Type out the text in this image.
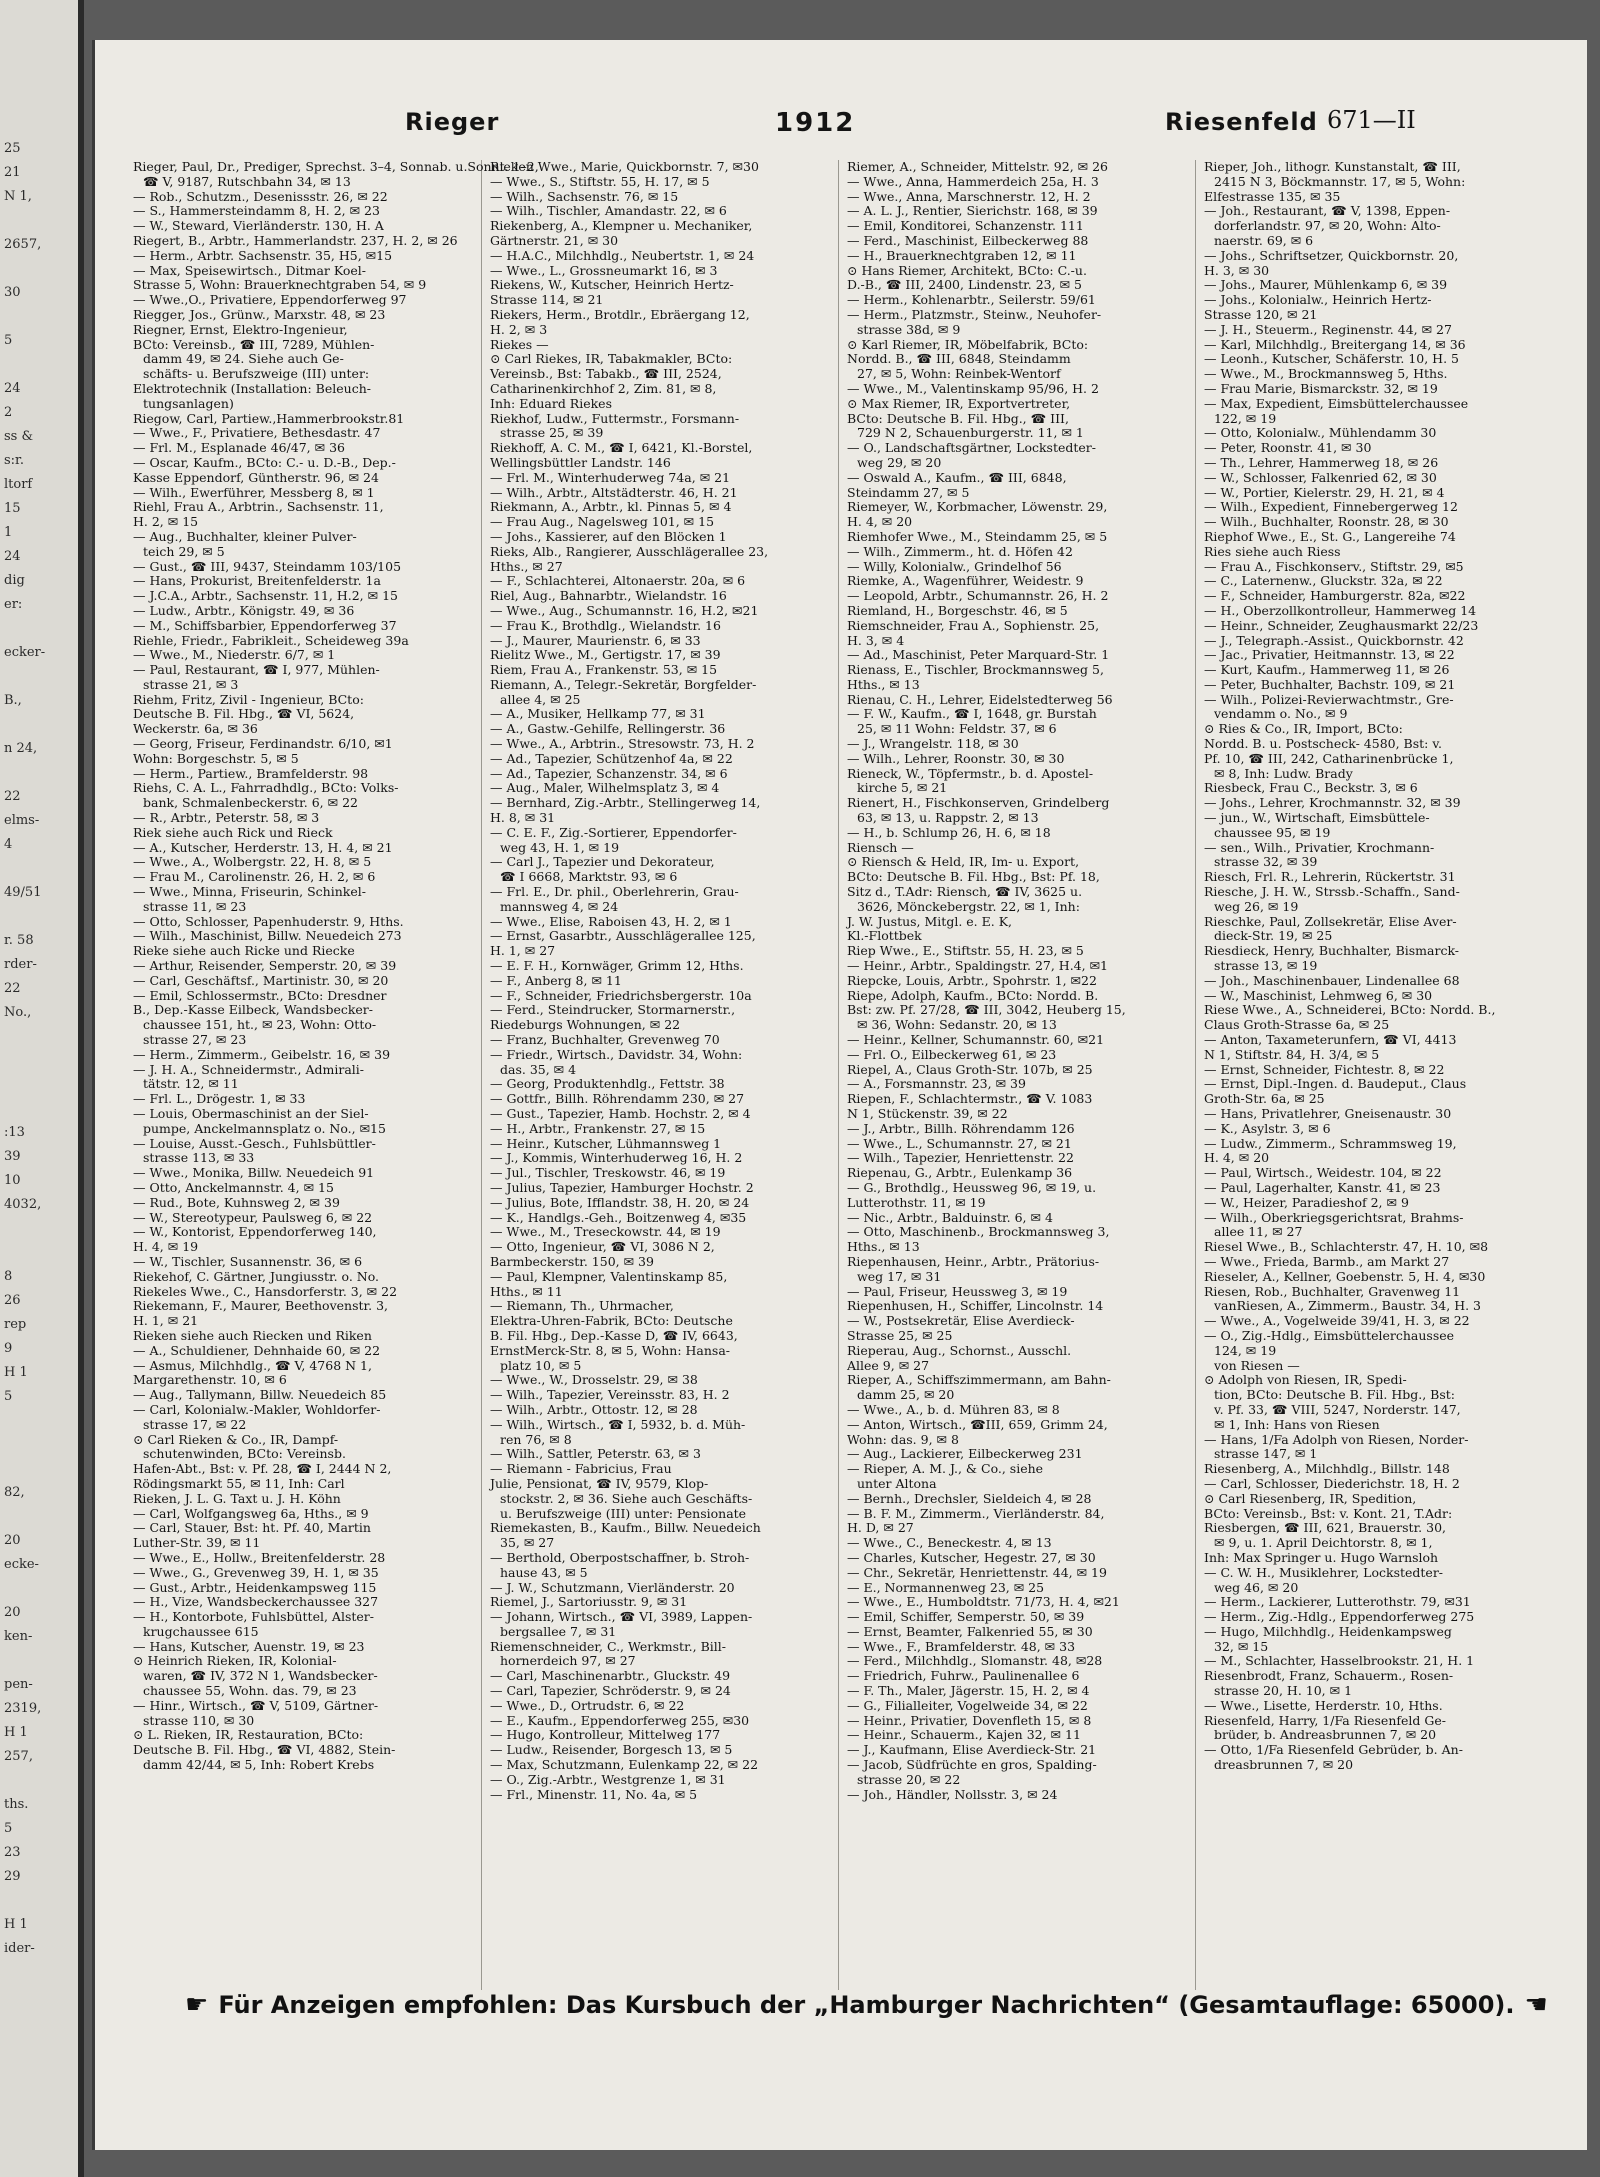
25
21
N 1,
2657,
30
5
24
2
ss &
s:r.
ltorf
15
1
24
dig
er:
ecker-
B.,
n 24,
22
elms-
4
49/51
r. 58
rder-
22
No.,
:13
39
10
4032,
8
26
rep
9
H 1
5
82,
20
ecke-
20
ken-
pen-
2319,
H 1
257,
ths.
5
23
29
H 1
ider-
Rieger	1912	Riesenfeld 671—II
Rieger, Paul, Dr., Prediger, Sprechst. 3–4, Sonnab. u.Sonnt. 1–2,
☎ V, 9187, Rutschbahn 34, ✉ 13
— Rob., Schutzm., Desenissstr. 26, ✉ 22
— S., Hammersteindamm 8, H. 2, ✉ 23
— W., Steward, Vierländerstr. 130, H. A
Riegert, B., Arbtr., Hammerlandstr. 237, H. 2, ✉ 26
— Herm., Arbtr. Sachsenstr. 35, H5, ✉15
— Max, Speisewirtsch., Ditmar Koel-
Strasse 5, Wohn: Brauerknechtgraben 54, ✉ 9
— Wwe.,O., Privatiere, Eppendorferweg 97
Riegger, Jos., Grünw., Marxstr. 48, ✉ 23
Riegner, Ernst, Elektro-Ingenieur,
BCto: Vereinsb., ☎ III, 7289, Mühlen-
damm 49, ✉ 24. Siehe auch Ge-
schäfts- u. Berufszweige (III) unter:
Elektrotechnik (Installation: Beleuch-
tungsanlagen)
Riegow, Carl, Partiew.,Hammerbrookstr.81
— Wwe., F., Privatiere, Bethesdastr. 47
— Frl. M., Esplanade 46/47, ✉ 36
— Oscar, Kaufm., BCto: C.- u. D.-B., Dep.-
Kasse Eppendorf, Güntherstr. 96, ✉ 24
— Wilh., Ewerführer, Messberg 8, ✉ 1
Riehl, Frau A., Arbtrin., Sachsenstr. 11,
H. 2, ✉ 15
— Aug., Buchhalter, kleiner Pulver-
teich 29, ✉ 5
— Gust., ☎ III, 9437, Steindamm 103/105
— Hans, Prokurist, Breitenfelderstr. 1a
— J.C.A., Arbtr., Sachsenstr. 11, H.2, ✉ 15
— Ludw., Arbtr., Königstr. 49, ✉ 36
— M., Schiffsbarbier, Eppendorferweg 37
Riehle, Friedr., Fabrikleit., Scheideweg 39a
— Wwe., M., Niederstr. 6/7, ✉ 1
— Paul, Restaurant, ☎ I, 977, Mühlen-
strasse 21, ✉ 3
Riehm, Fritz, Zivil - Ingenieur, BCto:
Deutsche B. Fil. Hbg., ☎ VI, 5624,
Weckerstr. 6a, ✉ 36
— Georg, Friseur, Ferdinandstr. 6/10, ✉1
Wohn: Borgeschstr. 5, ✉ 5
— Herm., Partiew., Bramfelderstr. 98
Riehs, C. A. L., Fahrradhdlg., BCto: Volks-
bank, Schmalenbeckerstr. 6, ✉ 22
— R., Arbtr., Peterstr. 58, ✉ 3
Riek siehe auch Rick und Rieck
— A., Kutscher, Herderstr. 13, H. 4, ✉ 21
— Wwe., A., Wolbergstr. 22, H. 8, ✉ 5
— Frau M., Carolinenstr. 26, H. 2, ✉ 6
— Wwe., Minna, Friseurin, Schinkel-
strasse 11, ✉ 23
— Otto, Schlosser, Papenhuderstr. 9, Hths.
— Wilh., Maschinist, Billw. Neuedeich 273
Rieke siehe auch Ricke und Riecke
— Arthur, Reisender, Semperstr. 20, ✉ 39
— Carl, Geschäftsf., Martinistr. 30, ✉ 20
— Emil, Schlossermstr., BCto: Dresdner
B., Dep.-Kasse Eilbeck, Wandsbecker-
chaussee 151, ht., ✉ 23, Wohn: Otto-
strasse 27, ✉ 23
— Herm., Zimmerm., Geibelstr. 16, ✉ 39
— J. H. A., Schneidermstr., Admirali-
tätstr. 12, ✉ 11
— Frl. L., Drögestr. 1, ✉ 33
— Louis, Obermaschinist an der Siel-
pumpe, Anckelmannsplatz o. No., ✉15
— Louise, Ausst.-Gesch., Fuhlsbüttler-
strasse 113, ✉ 33
— Wwe., Monika, Billw. Neuedeich 91
— Otto, Anckelmannstr. 4, ✉ 15
— Rud., Bote, Kuhnsweg 2, ✉ 39
— W., Stereotypeur, Paulsweg 6, ✉ 22
— W., Kontorist, Eppendorferweg 140,
H. 4, ✉ 19
— W., Tischler, Susannenstr. 36, ✉ 6
Riekehof, C. Gärtner, Jungiusstr. o. No.
Riekeles Wwe., C., Hansdorferstr. 3, ✉ 22
Riekemann, F., Maurer, Beethovenstr. 3,
H. 1, ✉ 21
Rieken siehe auch Riecken und Riken
— A., Schuldiener, Dehnhaide 60, ✉ 22
— Asmus, Milchhdlg., ☎ V, 4768 N 1,
Margarethenstr. 10, ✉ 6
— Aug., Tallymann, Billw. Neuedeich 85
— Carl, Kolonialw.-Makler, Wohldorfer-
strasse 17, ✉ 22
⊙ Carl Rieken & Co., IR, Dampf-
schutenwinden, BCto: Vereinsb.
Hafen-Abt., Bst: v. Pf. 28, ☎ I, 2444 N 2,
Rödingsmarkt 55, ✉ 11, Inh: Carl
Rieken, J. L. G. Taxt u. J. H. Köhn
— Carl, Wolfgangsweg 6a, Hths., ✉ 9
— Carl, Stauer, Bst: ht. Pf. 40, Martin
Luther-Str. 39, ✉ 11
— Wwe., E., Hollw., Breitenfelderstr. 28
— Wwe., G., Grevenweg 39, H. 1, ✉ 35
— Gust., Arbtr., Heidenkampsweg 115
— H., Vize, Wandsbeckerchaussee 327
— H., Kontorbote, Fuhlsbüttel, Alster-
krugchaussee 615
— Hans, Kutscher, Auenstr. 19, ✉ 23
⊙ Heinrich Rieken, IR, Kolonial-
waren, ☎ IV, 372 N 1, Wandsbecker-
chaussee 55, Wohn. das. 79, ✉ 23
— Hinr., Wirtsch., ☎ V, 5109, Gärtner-
strasse 110, ✉ 30
⊙ L. Rieken, IR, Restauration, BCto:
Deutsche B. Fil. Hbg., ☎ VI, 4882, Stein-
damm 42/44, ✉ 5, Inh: Robert Krebs
Rieken Wwe., Marie, Quickbornstr. 7, ✉30
— Wwe., S., Stiftstr. 55, H. 17, ✉ 5
— Wilh., Sachsenstr. 76, ✉ 15
— Wilh., Tischler, Amandastr. 22, ✉ 6
Riekenberg, A., Klempner u. Mechaniker,
Gärtnerstr. 21, ✉ 30
— H.A.C., Milchhdlg., Neubertstr. 1, ✉ 24
— Wwe., L., Grossneumarkt 16, ✉ 3
Riekens, W., Kutscher, Heinrich Hertz-
Strasse 114, ✉ 21
Riekers, Herm., Brotdlr., Ebräergang 12,
H. 2, ✉ 3
Riekes —
⊙ Carl Riekes, IR, Tabakmakler, BCto:
Vereinsb., Bst: Tabakb., ☎ III, 2524,
Catharinenkirchhof 2, Zim. 81, ✉ 8,
Inh: Eduard Riekes
Riekhof, Ludw., Futtermstr., Forsmann-
strasse 25, ✉ 39
Riekhoff, A. C. M., ☎ I, 6421, Kl.-Borstel,
Wellingsbüttler Landstr. 146
— Frl. M., Winterhuderweg 74a, ✉ 21
— Wilh., Arbtr., Altstädterstr. 46, H. 21
Riekmann, A., Arbtr., kl. Pinnas 5, ✉ 4
— Frau Aug., Nagelsweg 101, ✉ 15
— Johs., Kassierer, auf den Blöcken 1
Rieks, Alb., Rangierer, Ausschlägerallee 23,
Hths., ✉ 27
— F., Schlachterei, Altonaerstr. 20a, ✉ 6
Riel, Aug., Bahnarbtr., Wielandstr. 16
— Wwe., Aug., Schumannstr. 16, H.2, ✉21
— Frau K., Brothdlg., Wielandstr. 16
— J., Maurer, Maurienstr. 6, ✉ 33
Rielitz Wwe., M., Gertigstr. 17, ✉ 39
Riem, Frau A., Frankenstr. 53, ✉ 15
Riemann, A., Telegr.-Sekretär, Borgfelder-
allee 4, ✉ 25
— A., Musiker, Hellkamp 77, ✉ 31
— A., Gastw.-Gehilfe, Rellingerstr. 36
— Wwe., A., Arbtrin., Stresowstr. 73, H. 2
— Ad., Tapezier, Schützenhof 4a, ✉ 22
— Ad., Tapezier, Schanzenstr. 34, ✉ 6
— Aug., Maler, Wilhelmsplatz 3, ✉ 4
— Bernhard, Zig.-Arbtr., Stellingerweg 14,
H. 8, ✉ 31
— C. E. F., Zig.-Sortierer, Eppendorfer-
weg 43, H. 1, ✉ 19
— Carl J., Tapezier und Dekorateur,
☎ I 6668, Marktstr. 93, ✉ 6
— Frl. E., Dr. phil., Oberlehrerin, Grau-
mannsweg 4, ✉ 24
— Wwe., Elise, Raboisen 43, H. 2, ✉ 1
— Ernst, Gasarbtr., Ausschlägerallee 125,
H. 1, ✉ 27
— E. F. H., Kornwäger, Grimm 12, Hths.
— F., Anberg 8, ✉ 11
— F., Schneider, Friedrichsbergerstr. 10a
— Ferd., Steindrucker, Stormarnerstr.,
Riedeburgs Wohnungen, ✉ 22
— Franz, Buchhalter, Grevenweg 70
— Friedr., Wirtsch., Davidstr. 34, Wohn:
das. 35, ✉ 4
— Georg, Produktenhdlg., Fettstr. 38
— Gottfr., Billh. Röhrendamm 230, ✉ 27
— Gust., Tapezier, Hamb. Hochstr. 2, ✉ 4
— H., Arbtr., Frankenstr. 27, ✉ 15
— Heinr., Kutscher, Lühmannsweg 1
— J., Kommis, Winterhuderweg 16, H. 2
— Jul., Tischler, Treskowstr. 46, ✉ 19
— Julius, Tapezier, Hamburger Hochstr. 2
— Julius, Bote, Ifflandstr. 38, H. 20, ✉ 24
— K., Handlgs.-Geh., Boitzenweg 4, ✉35
— Wwe., M., Treseckowstr. 44, ✉ 19
— Otto, Ingenieur, ☎ VI, 3086 N 2,
Barmbeckerstr. 150, ✉ 39
— Paul, Klempner, Valentinskamp 85,
Hths., ✉ 11
— Riemann, Th., Uhrmacher,
Elektra-Uhren-Fabrik, BCto: Deutsche
B. Fil. Hbg., Dep.-Kasse D, ☎ IV, 6643,
ErnstMerck-Str. 8, ✉ 5, Wohn: Hansa-
platz 10, ✉ 5
— Wwe., W., Drosselstr. 29, ✉ 38
— Wilh., Tapezier, Vereinsstr. 83, H. 2
— Wilh., Arbtr., Ottostr. 12, ✉ 28
— Wilh., Wirtsch., ☎ I, 5932, b. d. Müh-
ren 76, ✉ 8
— Wilh., Sattler, Peterstr. 63, ✉ 3
— Riemann - Fabricius, Frau
Julie, Pensionat, ☎ IV, 9579, Klop-
stockstr. 2, ✉ 36. Siehe auch Geschäfts-
u. Berufszweige (III) unter: Pensionate
Riemekasten, B., Kaufm., Billw. Neuedeich
35, ✉ 27
— Berthold, Oberpostschaffner, b. Stroh-
hause 43, ✉ 5
— J. W., Schutzmann, Vierländerstr. 20
Riemel, J., Sartoriusstr. 9, ✉ 31
— Johann, Wirtsch., ☎ VI, 3989, Lappen-
bergsallee 7, ✉ 31
Riemenschneider, C., Werkmstr., Bill-
hornerdeich 97, ✉ 27
— Carl, Maschinenarbtr., Gluckstr. 49
— Carl, Tapezier, Schröderstr. 9, ✉ 24
— Wwe., D., Ortrudstr. 6, ✉ 22
— E., Kaufm., Eppendorferweg 255, ✉30
— Hugo, Kontrolleur, Mittelweg 177
— Ludw., Reisender, Borgesch 13, ✉ 5
— Max, Schutzmann, Eulenkamp 22, ✉ 22
— O., Zig.-Arbtr., Westgrenze 1, ✉ 31
— Frl., Minenstr. 11, No. 4a, ✉ 5
Riemer, A., Schneider, Mittelstr. 92, ✉ 26
— Wwe., Anna, Hammerdeich 25a, H. 3
— Wwe., Anna, Marschnerstr. 12, H. 2
— A. L. J., Rentier, Sierichstr. 168, ✉ 39
— Emil, Konditorei, Schanzenstr. 111
— Ferd., Maschinist, Eilbeckerweg 88
— H., Brauerknechtgraben 12, ✉ 11
⊙ Hans Riemer, Architekt, BCto: C.-u.
D.-B., ☎ III, 2400, Lindenstr. 23, ✉ 5
— Herm., Kohlenarbtr., Seilerstr. 59/61
— Herm., Platzmstr., Steinw., Neuhofer-
strasse 38d, ✉ 9
⊙ Karl Riemer, IR, Möbelfabrik, BCto:
Nordd. B., ☎ III, 6848, Steindamm
27, ✉ 5, Wohn: Reinbek-Wentorf
— Wwe., M., Valentinskamp 95/96, H. 2
⊙ Max Riemer, IR, Exportvertreter,
BCto: Deutsche B. Fil. Hbg., ☎ III,
729 N 2, Schauenburgerstr. 11, ✉ 1
— O., Landschaftsgärtner, Lockstedter-
weg 29, ✉ 20
— Oswald A., Kaufm., ☎ III, 6848,
Steindamm 27, ✉ 5
Riemeyer, W., Korbmacher, Löwenstr. 29,
H. 4, ✉ 20
Riemhofer Wwe., M., Steindamm 25, ✉ 5
— Wilh., Zimmerm., ht. d. Höfen 42
— Willy, Kolonialw., Grindelhof 56
Riemke, A., Wagenführer, Weidestr. 9
— Leopold, Arbtr., Schumannstr. 26, H. 2
Riemland, H., Borgeschstr. 46, ✉ 5
Riemschneider, Frau A., Sophienstr. 25,
H. 3, ✉ 4
— Ad., Maschinist, Peter Marquard-Str. 1
Rienass, E., Tischler, Brockmannsweg 5,
Hths., ✉ 13
Rienau, C. H., Lehrer, Eidelstedterweg 56
— F. W., Kaufm., ☎ I, 1648, gr. Burstah
25, ✉ 11 Wohn: Feldstr. 37, ✉ 6
— J., Wrangelstr. 118, ✉ 30
— Wilh., Lehrer, Roonstr. 30, ✉ 30
Rieneck, W., Töpfermstr., b. d. Apostel-
kirche 5, ✉ 21
Rienert, H., Fischkonserven, Grindelberg
63, ✉ 13, u. Rappstr. 2, ✉ 13
— H., b. Schlump 26, H. 6, ✉ 18
Riensch —
⊙ Riensch & Held, IR, Im- u. Export,
BCto: Deutsche B. Fil. Hbg., Bst: Pf. 18,
Sitz d., T.Adr: Riensch, ☎ IV, 3625 u.
3626, Mönckebergstr. 22, ✉ 1, Inh:
J. W. Justus, Mitgl. e. E. K,
Kl.-Flottbek
Riep Wwe., E., Stiftstr. 55, H. 23, ✉ 5
— Heinr., Arbtr., Spaldingstr. 27, H.4, ✉1
Riepcke, Louis, Arbtr., Spohrstr. 1, ✉22
Riepe, Adolph, Kaufm., BCto: Nordd. B.
Bst: zw. Pf. 27/28, ☎ III, 3042, Heuberg 15,
✉ 36, Wohn: Sedanstr. 20, ✉ 13
— Heinr., Kellner, Schumannstr. 60, ✉21
— Frl. O., Eilbeckerweg 61, ✉ 23
Riepel, A., Claus Groth-Str. 107b, ✉ 25
— A., Forsmannstr. 23, ✉ 39
Riepen, F., Schlachtermstr., ☎ V. 1083
N 1, Stückenstr. 39, ✉ 22
— J., Arbtr., Billh. Röhrendamm 126
— Wwe., L., Schumannstr. 27, ✉ 21
— Wilh., Tapezier, Henriettenstr. 22
Riepenau, G., Arbtr., Eulenkamp 36
— G., Brothdlg., Heussweg 96, ✉ 19, u.
Lutterothstr. 11, ✉ 19
— Nic., Arbtr., Balduinstr. 6, ✉ 4
— Otto, Maschinenb., Brockmannsweg 3,
Hths., ✉ 13
Riepenhausen, Heinr., Arbtr., Prätorius-
weg 17, ✉ 31
— Paul, Friseur, Heussweg 3, ✉ 19
Riepenhusen, H., Schiffer, Lincolnstr. 14
— W., Postsekretär, Elise Averdieck-
Strasse 25, ✉ 25
Rieperau, Aug., Schornst., Ausschl.
Allee 9, ✉ 27
Rieper, A., Schiffszimmermann, am Bahn-
damm 25, ✉ 20
— Wwe., A., b. d. Mühren 83, ✉ 8
— Anton, Wirtsch., ☎III, 659, Grimm 24,
Wohn: das. 9, ✉ 8
— Aug., Lackierer, Eilbeckerweg 231
— Rieper, A. M. J., & Co., siehe
unter Altona
— Bernh., Drechsler, Sieldeich 4, ✉ 28
— B. F. M., Zimmerm., Vierländerstr. 84,
H. D, ✉ 27
— Wwe., C., Beneckestr. 4, ✉ 13
— Charles, Kutscher, Hegestr. 27, ✉ 30
— Chr., Sekretär, Henriettenstr. 44, ✉ 19
— E., Normannenweg 23, ✉ 25
— Wwe., E., Humboldtstr. 71/73, H. 4, ✉21
— Emil, Schiffer, Semperstr. 50, ✉ 39
— Ernst, Beamter, Falkenried 55, ✉ 30
— Wwe., F., Bramfelderstr. 48, ✉ 33
— Ferd., Milchhdlg., Slomanstr. 48, ✉28
— Friedrich, Fuhrw., Paulinenallee 6
— F. Th., Maler, Jägerstr. 15, H. 2, ✉ 4
— G., Filialleiter, Vogelweide 34, ✉ 22
— Heinr., Privatier, Dovenfleth 15, ✉ 8
— Heinr., Schauerm., Kajen 32, ✉ 11
— J., Kaufmann, Elise Averdieck-Str. 21
— Jacob, Südfrüchte en gros, Spalding-
strasse 20, ✉ 22
— Joh., Händler, Nollsstr. 3, ✉ 24
Rieper, Joh., lithogr. Kunstanstalt, ☎ III,
2415 N 3, Böckmannstr. 17, ✉ 5, Wohn:
Elfestrasse 135, ✉ 35
— Joh., Restaurant, ☎ V, 1398, Eppen-
dorferlandstr. 97, ✉ 20, Wohn: Alto-
naerstr. 69, ✉ 6
— Johs., Schriftsetzer, Quickbornstr. 20,
H. 3, ✉ 30
— Johs., Maurer, Mühlenkamp 6, ✉ 39
— Johs., Kolonialw., Heinrich Hertz-
Strasse 120, ✉ 21
— J. H., Steuerm., Reginenstr. 44, ✉ 27
— Karl, Milchhdlg., Breitergang 14, ✉ 36
— Leonh., Kutscher, Schäferstr. 10, H. 5
— Wwe., M., Brockmannsweg 5, Hths.
— Frau Marie, Bismarckstr. 32, ✉ 19
— Max, Expedient, Eimsbüttelerchaussee
122, ✉ 19
— Otto, Kolonialw., Mühlendamm 30
— Peter, Roonstr. 41, ✉ 30
— Th., Lehrer, Hammerweg 18, ✉ 26
— W., Schlosser, Falkenried 62, ✉ 30
— W., Portier, Kielerstr. 29, H. 21, ✉ 4
— Wilh., Expedient, Finnebergerweg 12
— Wilh., Buchhalter, Roonstr. 28, ✉ 30
Riephof Wwe., E., St. G., Langereihe 74
Ries siehe auch Riess
— Frau A., Fischkonserv., Stiftstr. 29, ✉5
— C., Laternenw., Gluckstr. 32a, ✉ 22
— F., Schneider, Hamburgerstr. 82a, ✉22
— H., Oberzollkontrolleur, Hammerweg 14
— Heinr., Schneider, Zeughausmarkt 22/23
— J., Telegraph.-Assist., Quickbornstr. 42
— Jac., Privatier, Heitmannstr. 13, ✉ 22
— Kurt, Kaufm., Hammerweg 11, ✉ 26
— Peter, Buchhalter, Bachstr. 109, ✉ 21
— Wilh., Polizei-Revierwachtmstr., Gre-
vendamm o. No., ✉ 9
⊙ Ries & Co., IR, Import, BCto:
Nordd. B. u. Postscheck- 4580, Bst: v.
Pf. 10, ☎ III, 242, Catharinenbrücke 1,
✉ 8, Inh: Ludw. Brady
Riesbeck, Frau C., Beckstr. 3, ✉ 6
— Johs., Lehrer, Krochmannstr. 32, ✉ 39
— jun., W., Wirtschaft, Eimsbüttele-
chaussee 95, ✉ 19
— sen., Wilh., Privatier, Krochmann-
strasse 32, ✉ 39
Riesch, Frl. R., Lehrerin, Rückertstr. 31
Riesche, J. H. W., Strssb.-Schaffn., Sand-
weg 26, ✉ 19
Rieschke, Paul, Zollsekretär, Elise Aver-
dieck-Str. 19, ✉ 25
Riesdieck, Henry, Buchhalter, Bismarck-
strasse 13, ✉ 19
— Joh., Maschinenbauer, Lindenallee 68
— W., Maschinist, Lehmweg 6, ✉ 30
Riese Wwe., A., Schneiderei, BCto: Nordd. B.,
Claus Groth-Strasse 6a, ✉ 25
— Anton, Taxameterunfern, ☎ VI, 4413
N 1, Stiftstr. 84, H. 3/4, ✉ 5
— Ernst, Schneider, Fichtestr. 8, ✉ 22
— Ernst, Dipl.-Ingen. d. Baudeput., Claus
Groth-Str. 6a, ✉ 25
— Hans, Privatlehrer, Gneisenaustr. 30
— K., Asylstr. 3, ✉ 6
— Ludw., Zimmerm., Schrammsweg 19,
H. 4, ✉ 20
— Paul, Wirtsch., Weidestr. 104, ✉ 22
— Paul, Lagerhalter, Kanstr. 41, ✉ 23
— W., Heizer, Paradieshof 2, ✉ 9
— Wilh., Oberkriegsgerichtsrat, Brahms-
allee 11, ✉ 27
Riesel Wwe., B., Schlachterstr. 47, H. 10, ✉8
— Wwe., Frieda, Barmb., am Markt 27
Rieseler, A., Kellner, Goebenstr. 5, H. 4, ✉30
Riesen, Rob., Buchhalter, Gravenweg 11
vanRiesen, A., Zimmerm., Baustr. 34, H. 3
— Wwe., A., Vogelweide 39/41, H. 3, ✉ 22
— O., Zig.-Hdlg., Eimsbüttelerchaussee
124, ✉ 19
von Riesen —
⊙ Adolph von Riesen, IR, Spedi-
tion, BCto: Deutsche B. Fil. Hbg., Bst:
v. Pf. 33, ☎ VIII, 5247, Norderstr. 147,
✉ 1, Inh: Hans von Riesen
— Hans, 1/Fa Adolph von Riesen, Norder-
strasse 147, ✉ 1
Riesenberg, A., Milchhdlg., Billstr. 148
— Carl, Schlosser, Diederichstr. 18, H. 2
⊙ Carl Riesenberg, IR, Spedition,
BCto: Vereinsb., Bst: v. Kont. 21, T.Adr:
Riesbergen, ☎ III, 621, Brauerstr. 30,
✉ 9, u. 1. April Deichtorstr. 8, ✉ 1,
Inh: Max Springer u. Hugo Warnsloh
— C. W. H., Musiklehrer, Lockstedter-
weg 46, ✉ 20
— Herm., Lackierer, Lutterothstr. 79, ✉31
— Herm., Zig.-Hdlg., Eppendorferweg 275
— Hugo, Milchhdlg., Heidenkampsweg
32, ✉ 15
— M., Schlachter, Hasselbrookstr. 21, H. 1
Riesenbrodt, Franz, Schauerm., Rosen-
strasse 20, H. 10, ✉ 1
— Wwe., Lisette, Herderstr. 10, Hths.
Riesenfeld, Harry, 1/Fa Riesenfeld Ge-
brüder, b. Andreasbrunnen 7, ✉ 20
— Otto, 1/Fa Riesenfeld Gebrüder, b. An-
dreasbrunnen 7, ✉ 20
☛ Für Anzeigen empfohlen: Das Kursbuch der „Hamburger Nachrichten“ (Gesamtauflage: 65000). ☚
